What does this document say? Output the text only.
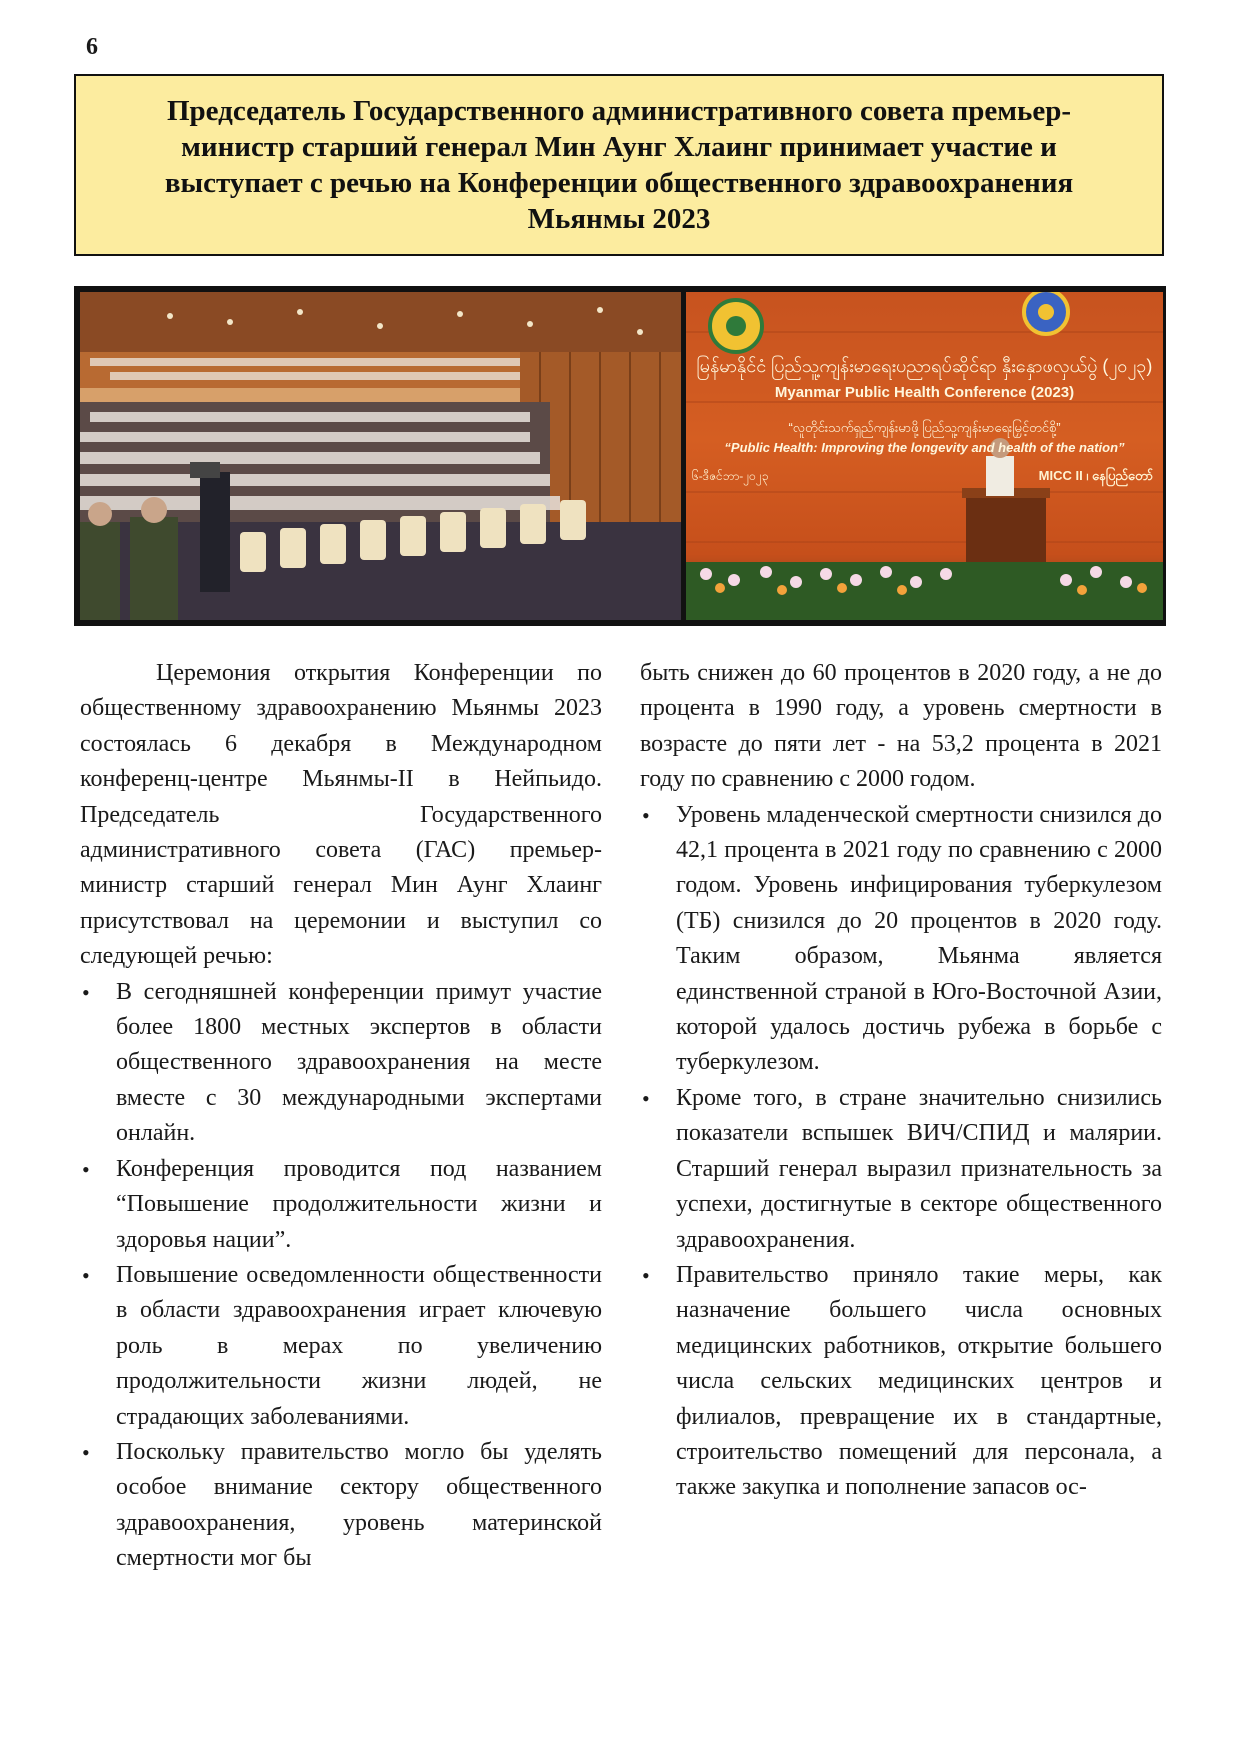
6
Председатель Государственного административного совета премьер-министр старший генерал Мин Аунг Хлаинг принимает участие и выступает с речью на Конференции общественного здравоохранения Мьянмы 2023
မြန်မာနိုင်ငံ ပြည်သူ့ကျန်းမာရေးပညာရပ်ဆိုင်ရာ နှီးနှောဖလှယ်ပွဲ (၂၀၂၃)
Myanmar Public Health Conference (2023)
“လူတိုင်းသက်ရှည်ကျန်းမာဖို့ ပြည်သူ့ကျန်းမာရေးမြှင့်တင်စို့”
“Public Health: Improving the longevity and health of the nation”
၆-ဒီဇင်ဘာ-၂၀၂၃	MICC II ၊ နေပြည်တော်

Церемония открытия Конференции по общественному здравоохранению Мьянмы 2023 состоялась 6 декабря в Международном конференц-центре Мьянмы-II в Нейпьидо. Председатель Государственного административного совета (ГАС) премьер-министр старший генерал Мин Аунг Хлаинг присутствовал на церемонии и выступил со следующей речью:

• В сегодняшней конференции примут участие более 1800 местных экспертов в области общественного здравоохранения на месте вместе с 30 международными экспертами онлайн.
• Конференция проводится под названием “Повышение продолжительности жизни и здоровья нации”.
• Повышение осведомленности общественности в области здравоохранения играет ключевую роль в мерах по увеличению продолжительности жизни людей, не страдающих заболеваниями.
• Поскольку правительство могло бы уделять особое внимание сектору общественного здравоохранения, уровень материнской смертности мог бы

быть снижен до 60 процентов в 2020 году, а не до процента в 1990 году, а уровень смертности в возрасте до пяти лет - на 53,2 процента в 2021 году по сравнению с 2000 годом.

• Уровень младенческой смертности снизился до 42,1 процента в 2021 году по сравнению с 2000 годом. Уровень инфицирования туберкулезом (ТБ) снизился до 20 процентов в 2020 году. Таким образом, Мьянма является единственной страной в Юго-Восточной Азии, которой удалось достичь рубежа в борьбе с туберкулезом.
• Кроме того, в стране значительно снизились показатели вспышек ВИЧ/СПИД и малярии. Старший генерал выразил признательность за успехи, достигнутые в секторе общественного здравоохранения.
• Правительство приняло такие меры, как назначение большего числа основных медицинских работников, открытие большего числа сельских медицинских центров и филиалов, превращение их в стандартные, строительство помещений для персонала, а также закупка и пополнение запасов ос-
